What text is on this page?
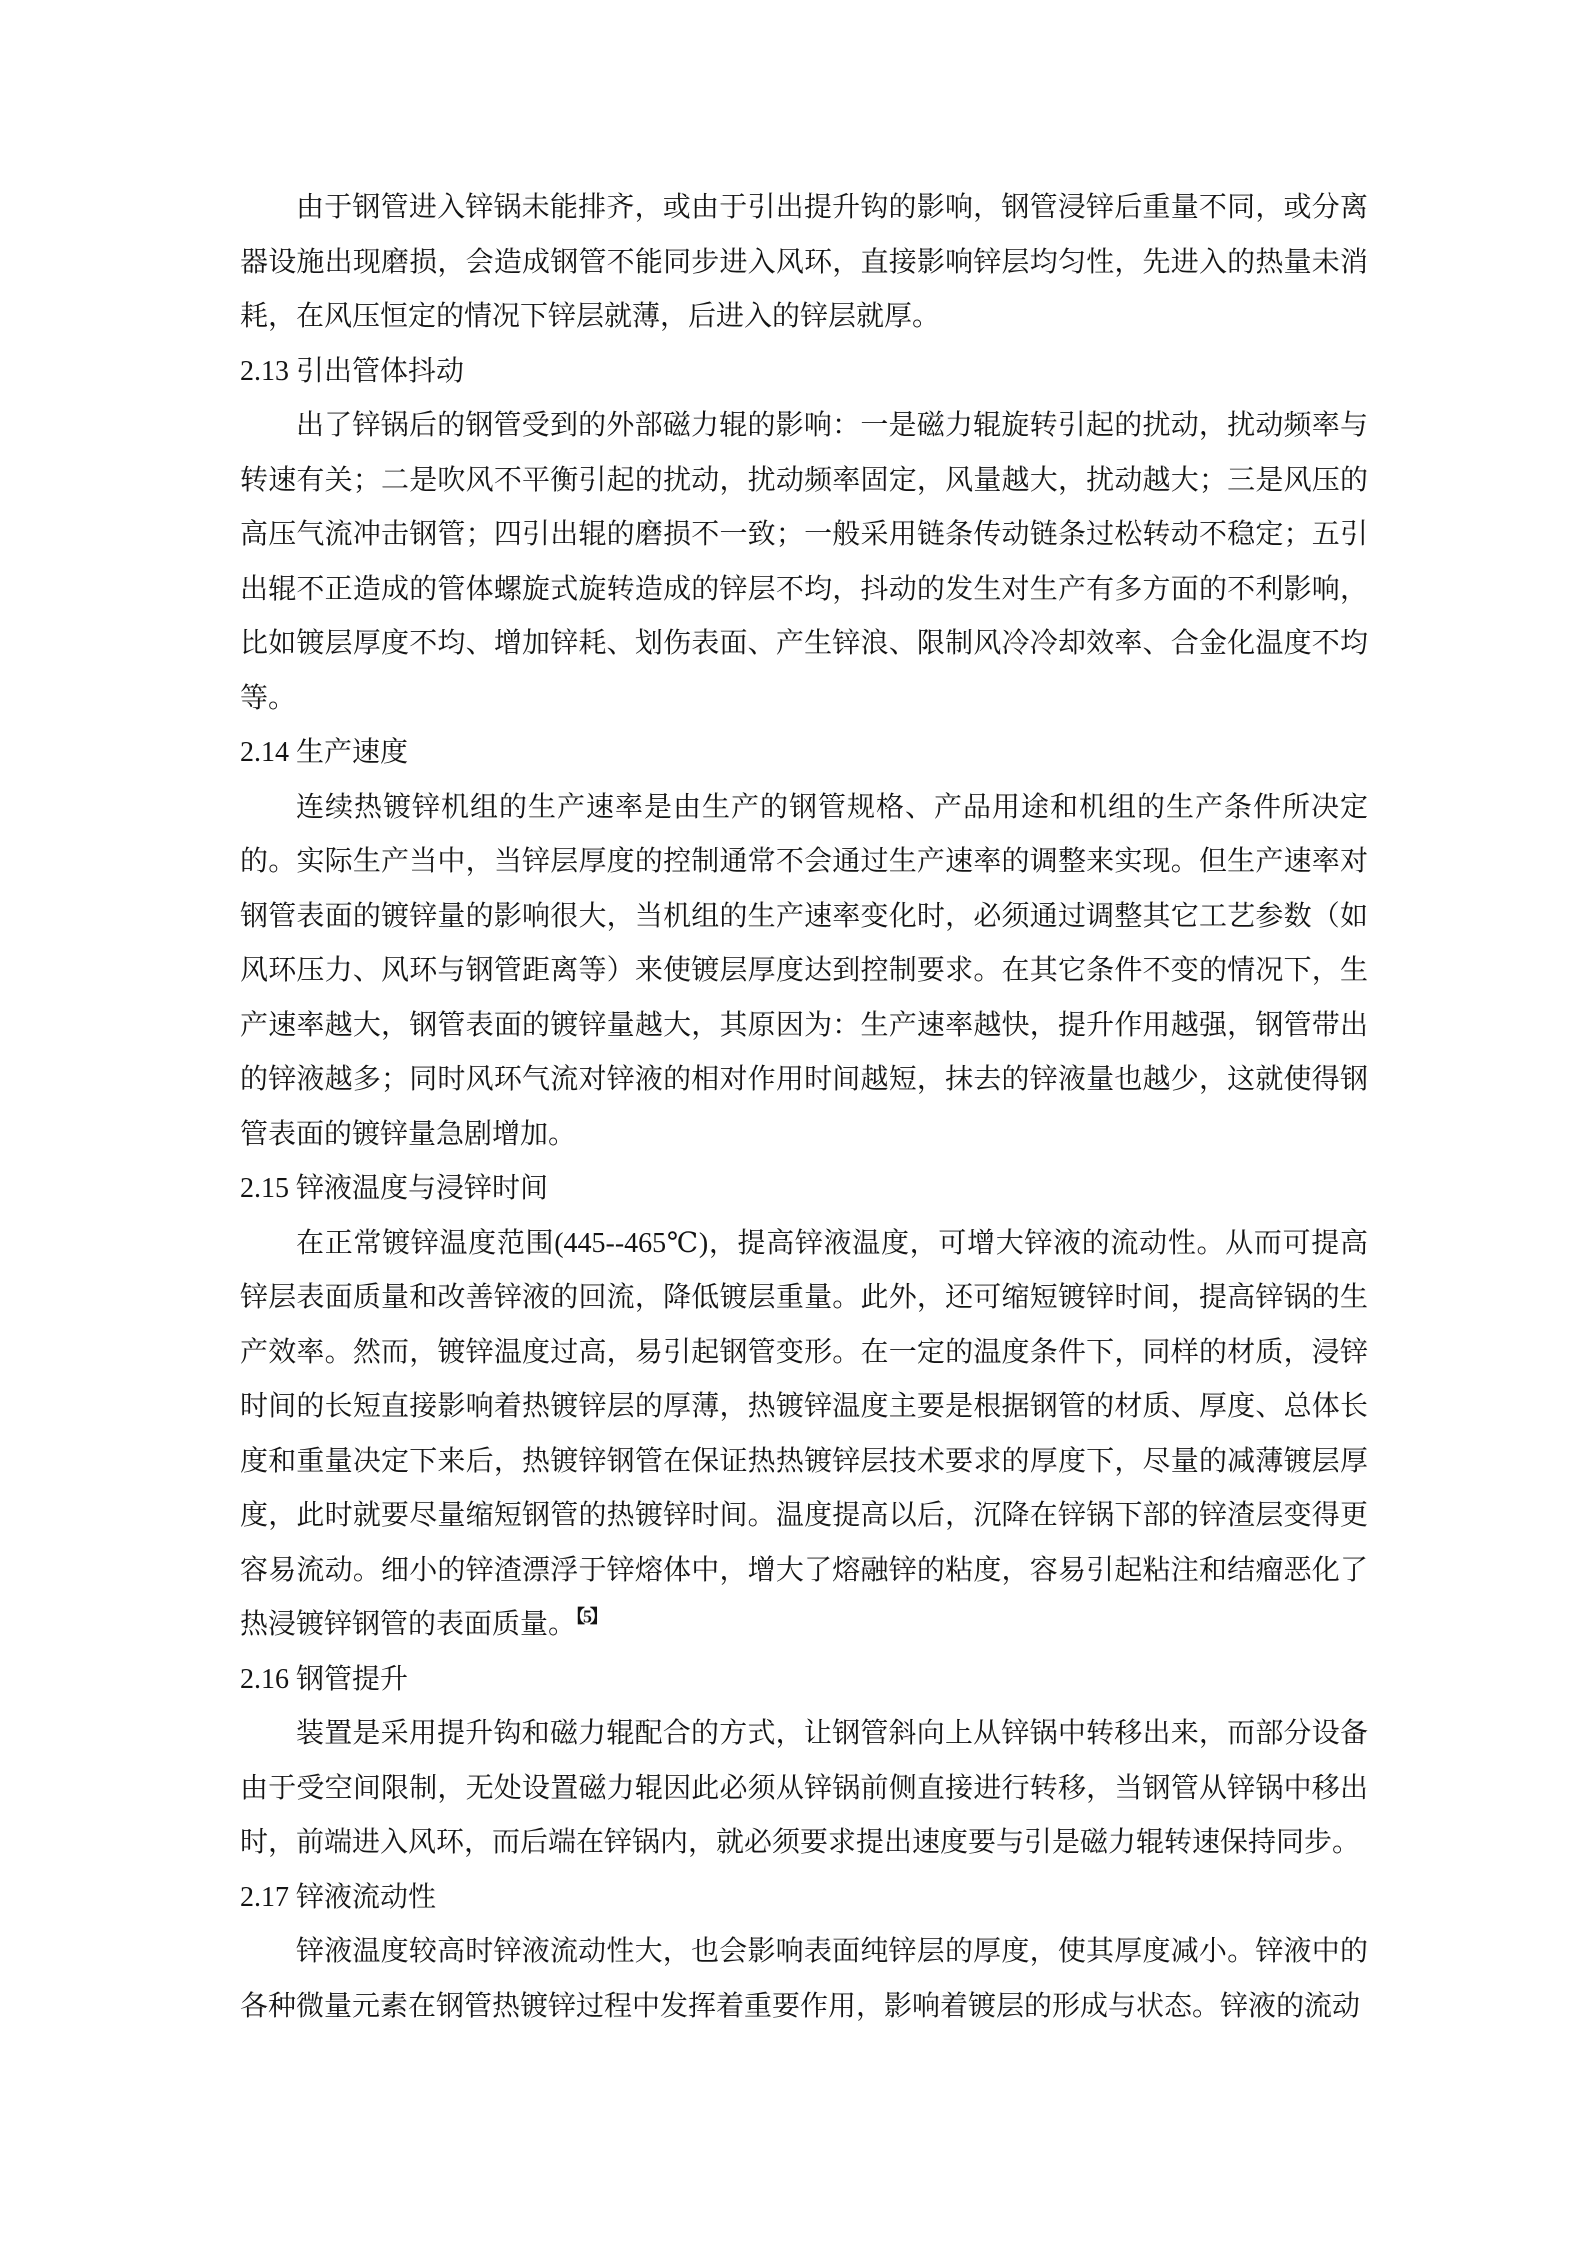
由于钢管进入锌锅未能排齐，或由于引出提升钩的影响，钢管浸锌后重量不同，或分离器设施出现磨损，会造成钢管不能同步进入风环，直接影响锌层均匀性，先进入的热量未消耗，在风压恒定的情况下锌层就薄，后进入的锌层就厚。

2.13 引出管体抖动

出了锌锅后的钢管受到的外部磁力辊的影响：一是磁力辊旋转引起的扰动，扰动频率与转速有关；二是吹风不平衡引起的扰动，扰动频率固定，风量越大，扰动越大；三是风压的高压气流冲击钢管；四引出辊的磨损不一致；一般采用链条传动链条过松转动不稳定；五引出辊不正造成的管体螺旋式旋转造成的锌层不均，抖动的发生对生产有多方面的不利影响，比如镀层厚度不均、增加锌耗、划伤表面、产生锌浪、限制风冷冷却效率、合金化温度不均等。

2.14 生产速度

连续热镀锌机组的生产速率是由生产的钢管规格、产品用途和机组的生产条件所决定的。实际生产当中，当锌层厚度的控制通常不会通过生产速率的调整来实现。但生产速率对钢管表面的镀锌量的影响很大，当机组的生产速率变化时，必须通过调整其它工艺参数（如风环压力、风环与钢管距离等）来使镀层厚度达到控制要求。在其它条件不变的情况下，生产速率越大，钢管表面的镀锌量越大，其原因为：生产速率越快，提升作用越强，钢管带出的锌液越多；同时风环气流对锌液的相对作用时间越短，抹去的锌液量也越少，这就使得钢管表面的镀锌量急剧增加。

2.15 锌液温度与浸锌时间

在正常镀锌温度范围(445--465℃)，提高锌液温度，可增大锌液的流动性。从而可提高锌层表面质量和改善锌液的回流，降低镀层重量。此外，还可缩短镀锌时间，提高锌锅的生产效率。然而，镀锌温度过高，易引起钢管变形。在一定的温度条件下，同样的材质，浸锌时间的长短直接影响着热镀锌层的厚薄，热镀锌温度主要是根据钢管的材质、厚度、总体长度和重量决定下来后，热镀锌钢管在保证热热镀锌层技术要求的厚度下，尽量的减薄镀层厚度，此时就要尽量缩短钢管的热镀锌时间。温度提高以后，沉降在锌锅下部的锌渣层变得更容易流动。细小的锌渣漂浮于锌熔体中，增大了熔融锌的粘度，容易引起粘注和结瘤恶化了热浸镀锌钢管的表面质量。$^{【5】}$

2.16 钢管提升

装置是采用提升钩和磁力辊配合的方式，让钢管斜向上从锌锅中转移出来，而部分设备由于受空间限制，无处设置磁力辊因此必须从锌锅前侧直接进行转移，当钢管从锌锅中移出时，前端进入风环，而后端在锌锅内，就必须要求提出速度要与引是磁力辊转速保持同步。

2.17 锌液流动性

锌液温度较高时锌液流动性大，也会影响表面纯锌层的厚度，使其厚度减小。锌液中的各种微量元素在钢管热镀锌过程中发挥着重要作用，影响着镀层的形成与状态。锌液的流动
